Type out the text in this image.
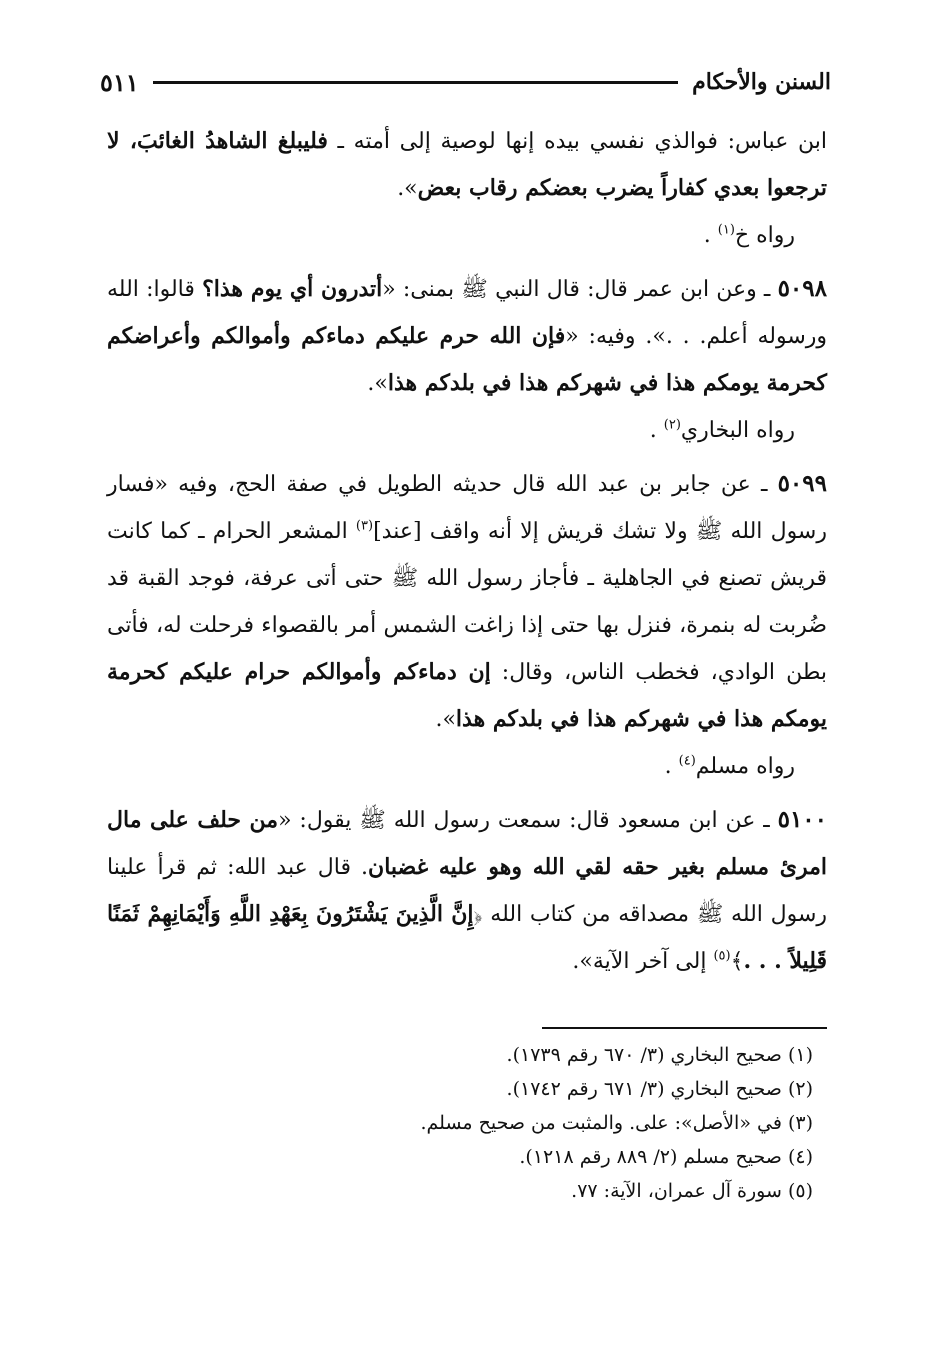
السنن والأحكام
٥١١

ابن عباس: فوالذي نفسي بيده إنها لوصية إلى أمته ـ فليبلغ الشاهدُ الغائبَ، لا ترجعوا بعدي كفاراً يضرب بعضكم رقاب بعض».

رواه خ$^{(١)}$ .

٥٠٩٨ ـ وعن ابن عمر قال: قال النبي ﷺ بمنى: «أتدرون أي يوم هذا؟ قالوا: الله ورسوله أعلم. . .». وفيه: «فإن الله حرم عليكم دماءكم وأموالكم وأعراضكم كحرمة يومكم هذا في شهركم هذا في بلدكم هذا».

رواه البخاري$^{(٢)}$ .

٥٠٩٩ ـ عن جابر بن عبد الله قال حديثه الطويل في صفة الحج، وفيه «فسار رسول الله ﷺ ولا تشك قريش إلا أنه واقف [عند]$^{(٣)}$ المشعر الحرام ـ كما كانت قريش تصنع في الجاهلية ـ فأجاز رسول الله ﷺ حتى أتى عرفة، فوجد القبة قد ضُربت له بنمرة، فنزل بها حتى إذا زاغت الشمس أمر بالقصواء فرحلت له، فأتى بطن الوادي، فخطب الناس، وقال: إن دماءكم وأموالكم حرام عليكم كحرمة يومكم هذا في شهركم هذا في بلدكم هذا».

رواه مسلم$^{(٤)}$ .

٥١٠٠ ـ عن ابن مسعود قال: سمعت رسول الله ﷺ يقول: «من حلف على مال امرئ مسلم بغير حقه لقي الله وهو عليه غضبان. قال عبد الله: ثم قرأ علينا رسول الله ﷺ مصداقه من كتاب الله ﴿إِنَّ الَّذِينَ يَشْتَرُونَ بِعَهْدِ اللَّهِ وَأَيْمَانِهِمْ ثَمَنًا قَلِيلاً . . .﴾$^{(٥)}$ إلى آخر الآية».

(١) صحيح البخاري (٣/ ٦٧٠ رقم ١٧٣٩).

(٢) صحيح البخاري (٣/ ٦٧١ رقم ١٧٤٢).

(٣) في «الأصل»: على. والمثبت من صحيح مسلم.

(٤) صحيح مسلم (٢/ ٨٨٩ رقم ١٢١٨).

(٥) سورة آل عمران، الآية: ٧٧.
